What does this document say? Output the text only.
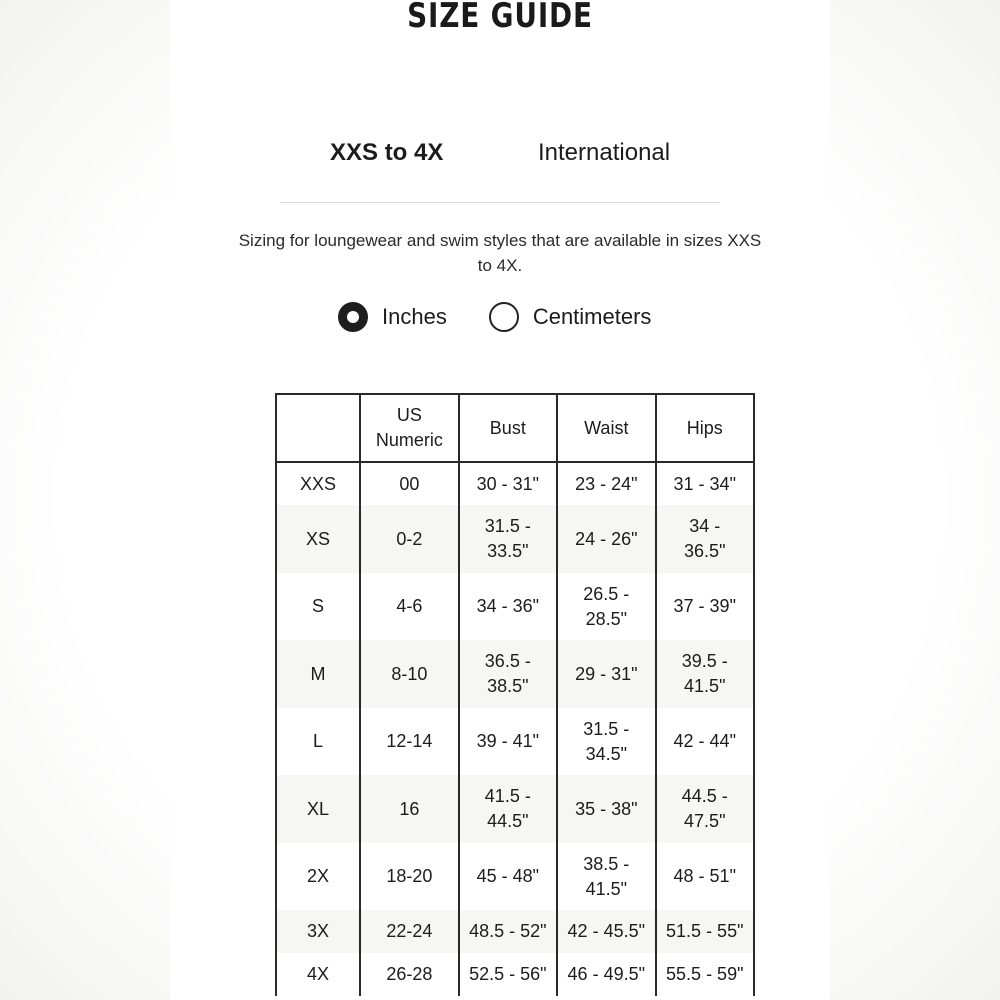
SIZE GUIDE
XXS to 4X	International
Sizing for loungewear and swim styles that are available in sizes XXS to 4X.
Inches	Centimeters
	US Numeric	Bust	Waist	Hips
XXS	00	30 - 31"	23 - 24"	31 - 34"
XS	0-2	31.5 - 33.5"	24 - 26"	34 - 36.5"
S	4-6	34 - 36"	26.5 - 28.5"	37 - 39"
M	8-10	36.5 - 38.5"	29 - 31"	39.5 - 41.5"
L	12-14	39 - 41"	31.5 - 34.5"	42 - 44"
XL	16	41.5 - 44.5"	35 - 38"	44.5 - 47.5"
2X	18-20	45 - 48"	38.5 - 41.5"	48 - 51"
3X	22-24	48.5 - 52"	42 - 45.5"	51.5 - 55"
4X	26-28	52.5 - 56"	46 - 49.5"	55.5 - 59"
